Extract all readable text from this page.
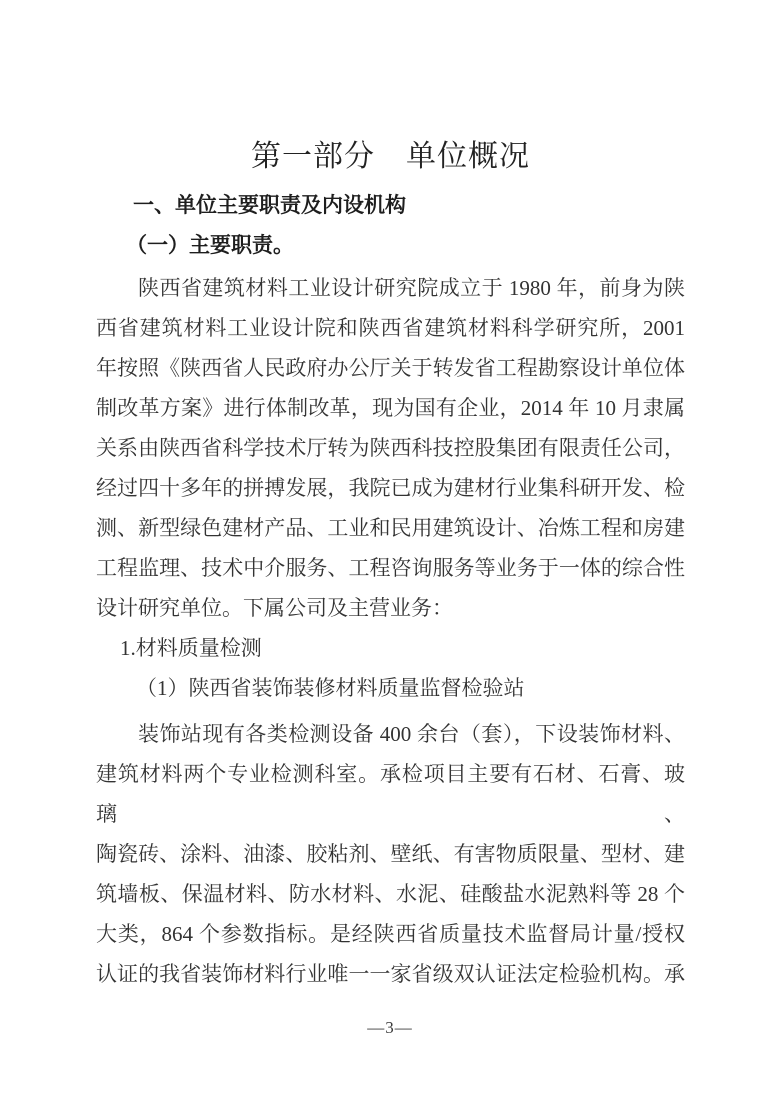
第一部分　单位概况
一、单位主要职责及内设机构
（一）主要职责。

陕西省建筑材料工业设计研究院成立于 1980 年，前身为陕

西省建筑材料工业设计院和陕西省建筑材料科学研究所，2001

年按照《陕西省人民政府办公厅关于转发省工程勘察设计单位体

制改革方案》进行体制改革，现为国有企业，2014 年 10 月隶属

关系由陕西省科学技术厅转为陕西科技控股集团有限责任公司，

经过四十多年的拼搏发展，我院已成为建材行业集科研开发、检

测、新型绿色建材产品、工业和民用建筑设计、冶炼工程和房建

工程监理、技术中介服务、工程咨询服务等业务于一体的综合性

设计研究单位。下属公司及主营业务：

1.材料质量检测

（1）陕西省装饰装修材料质量监督检验站

装饰站现有各类检测设备 400 余台（套），下设装饰材料、

建筑材料两个专业检测科室。承检项目主要有石材、石膏、玻璃、

陶瓷砖、涂料、油漆、胶粘剂、壁纸、有害物质限量、型材、建

筑墙板、保温材料、防水材料、水泥、硅酸盐水泥熟料等 28 个

大类，864 个参数指标。是经陕西省质量技术监督局计量/授权

认证的我省装饰材料行业唯一一家省级双认证法定检验机构。承

—3—
